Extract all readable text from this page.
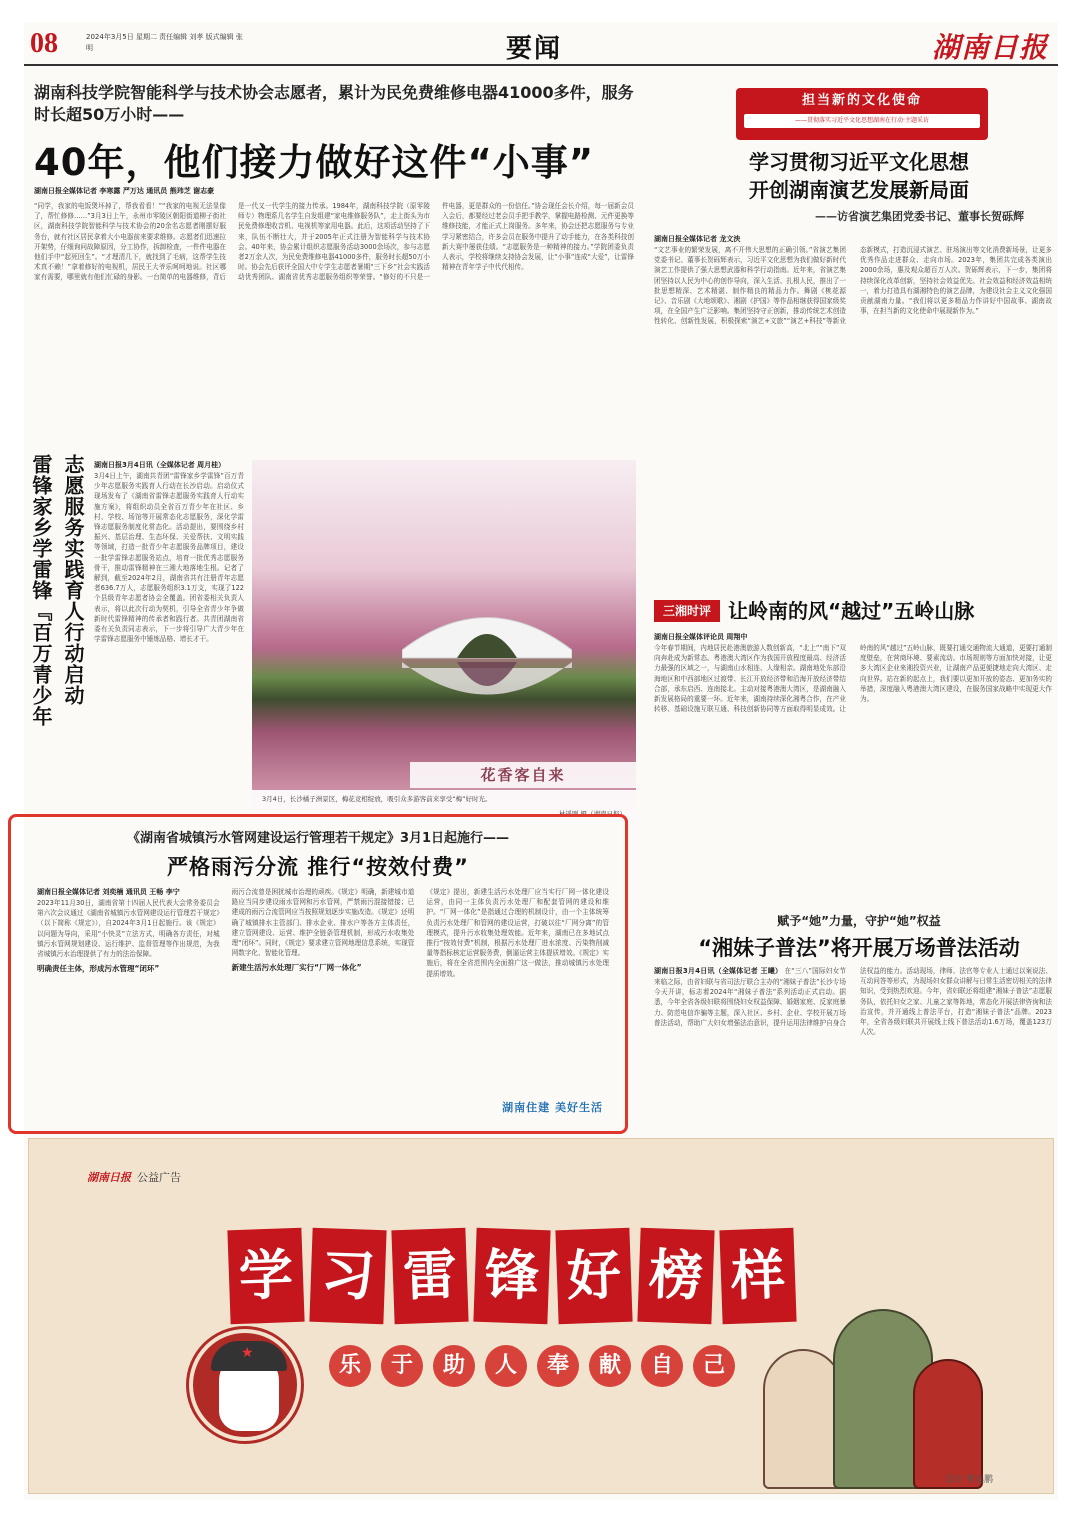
08	2024年3月5日 星期二 责任编辑 刘孝 版式编辑 张明	要闻	湖南日报
湖南科技学院智能科学与技术协会志愿者，累计为民免费维修电器41000多件，服务时长超50万小时——
40年，他们接力做好这件“小事”
湖南日报全媒体记者 李寒露 严万达 通讯员 熊玮芝 谢志豪
“同学，我家的电饭煲坏掉了，帮我看看！”“我家的电视无法显像了，帮忙修修……”3月3日上午，永州市零陵区朝阳街道柳子街社区，湖南科技学院智能科学与技术协会的20余名志愿者刚摆好服务台，就有社区居民拿着大小电器前来要求维修。志愿者们迅速拉开架势，仔细询问故障原因，分工协作，拆卸检查，一件件电器在他们手中“起死回生”。“才理清几下，就找到了毛病，这帮学生技术真不赖！”拿着修好的电视机，居民王大爷乐呵呵地说。社区哪家有需要，哪里就有他们忙碌的身影。一台简单的电器维修，背后是一代又一代学生的接力传承。1984年，湖南科技学院（原零陵师专）物理系几名学生自发组建“家电维修服务队”，走上街头为市民免费修理收音机、电视机等家用电器。此后，这项活动坚持了下来，队伍不断壮大，并于2005年正式注册为智能科学与技术协会。40年来，协会累计组织志愿服务活动3000余场次，参与志愿者2万余人次，为民免费维修电器41000多件，服务时长超50万小时。协会先后获评全国大中专学生志愿者暑期“三下乡”社会实践活动优秀团队、湖南省优秀志愿服务组织等荣誉。“修好的不只是一件电器，更是群众的一份信任。”协会现任会长介绍，每一届新会员入会后，都要经过老会员手把手教学，掌握电路检测、元件更换等维修技能，才能正式上岗服务。多年来，协会还把志愿服务与专业学习紧密结合，许多会员在服务中提升了动手能力，在各类科技创新大赛中屡获佳绩。“志愿服务是一种精神的接力。”学院团委负责人表示，学校将继续支持协会发展，让“小事”连成“大爱”，让雷锋精神在青年学子中代代相传。
志愿服务实践育人行动启动
雷锋家乡学雷锋『百万青少年	湖南日报3月4日讯（全媒体记者 周月桂）
3月4日上午，湖南共青团“雷锋家乡学雷锋”百万青少年志愿服务实践育人行动在长沙启动。启动仪式现场发布了《湖南省雷锋志愿服务实践育人行动实施方案》，将组织动员全省百万青少年在社区、乡村、学校、场馆等开展常态化志愿服务，深化学雷锋志愿服务制度化常态化。活动提出，要围绕乡村振兴、基层治理、生态环保、关爱帮扶、文明实践等领域，打造一批青少年志愿服务品牌项目，建设一批学雷锋志愿服务站点，培育一批优秀志愿服务骨干，推动雷锋精神在三湘大地落地生根。记者了解到，截至2024年2月，湖南省共有注册青年志愿者636.7万人，志愿服务组织3.1万支，实现了122个县级青年志愿者协会全覆盖。团省委相关负责人表示，将以此次行动为契机，引导全省青少年争做新时代雷锋精神的传承者和践行者。共青团湖南省委有关负责同志表示，下一步将引导广大青少年在学雷锋志愿服务中锤炼品格、增长才干。
花香客自来
3月4日，长沙橘子洲景区，梅花竞相绽放，吸引众多游客前来享受“梅”好时光。
林遥刚 摄（湖南日报）
《湖南省城镇污水管网建设运行管理若干规定》3月1日起施行——
严格雨污分流 推行“按效付费”
湖南日报全媒体记者 刘奕楠 通讯员 王畅 李宁
2023年11月30日，湖南省第十四届人民代表大会常务委员会第六次会议通过《湖南省城镇污水管网建设运行管理若干规定》（以下简称《规定》），自2024年3月1日起施行。该《规定》以问题为导向，采用“小快灵”立法方式，明确各方责任，对城镇污水管网规划建设、运行维护、监督管理等作出规范，为我省城镇污水治理提供了有力的法治保障。
明确责任主体，形成污水管理“闭环”
雨污合流曾是困扰城市治理的顽疾。《规定》明确，新建城市道路应当同步建设雨水管网和污水管网，严禁雨污混接错接；已建成的雨污合流管网应当按照规划逐步实施改造。《规定》还明确了城镇排水主管部门、排水企业、排水户等各方主体责任，建立管网建设、运营、维护全链条管理机制，形成污水收集处理“闭环”。同时，《规定》要求建立管网地理信息系统，实现管网数字化、智能化管理。
新建生活污水处理厂实行“厂网一体化”
《规定》提出，新建生活污水处理厂应当实行厂网一体化建设运营，由同一主体负责污水处理厂和配套管网的建设和维护。“厂网一体化”是指通过合理的机制设计，由一个主体统筹负责污水处理厂和管网的建设运营，打破以往“厂网分离”的管理模式，提升污水收集处理效能。近年来，湖南已在多地试点推行“按效付费”机制，根据污水处理厂进水浓度、污染物削减量等指标核定运营服务费，倒逼运营主体提质增效。《规定》实施后，将在全省范围内全面推广这一做法，推动城镇污水处理提质增效。
湖南住建 美好生活
担当新的文化使命
——贯彻落实习近平文化思想湖南在行动·主题采访
学习贯彻习近平文化思想
开创湖南演艺发展新局面
——访省演艺集团党委书记、董事长贺砾辉
湖南日报全媒体记者 龙文泱
“文艺事业的繁荣发展，离不开伟大思想的正确引领。”省演艺集团党委书记、董事长贺砾辉表示，习近平文化思想为我们做好新时代演艺工作提供了强大思想武器和科学行动指南。近年来，省演艺集团坚持以人民为中心的创作导向，深入生活、扎根人民，推出了一批思想精深、艺术精湛、制作精良的精品力作。舞剧《桃花源记》、音乐剧《大地颂歌》、湘剧《护国》等作品相继获得国家级奖项，在全国产生广泛影响。集团坚持守正创新，推动传统艺术创造性转化、创新性发展，积极探索“演艺+文旅”“演艺+科技”等新业态新模式，打造沉浸式演艺、驻场演出等文化消费新场景，让更多优秀作品走进群众、走向市场。2023年，集团共完成各类演出2000余场，惠及观众超百万人次。贺砾辉表示，下一步，集团将持续深化改革创新，坚持社会效益优先、社会效益和经济效益相统一，着力打造具有湖湘特色的演艺品牌，为建设社会主义文化强国贡献湖南力量。“我们将以更多精品力作讲好中国故事、湖南故事，在担当新的文化使命中展现新作为。”
三湘时评 让岭南的风“越过”五岭山脉
湖南日报全媒体评论员 周翔中
今年春节期间，内地居民赴港澳旅游人数创新高，“北上”“南下”双向奔赴成为新常态。粤港澳大湾区作为我国开放程度最高、经济活力最强的区域之一，与湖南山水相连、人缘相亲。湖南地处东部沿海地区和中西部地区过渡带、长江开放经济带和沿海开放经济带结合部，承东启西、连南接北。主动对接粤港澳大湾区，是湖南融入新发展格局的重要一环。近年来，湖南持续深化湘粤合作，在产业转移、基础设施互联互通、科技创新协同等方面取得明显成效。让岭南的风“越过”五岭山脉，既要打通交通物流大通道，更要打通制度壁垒，在营商环境、要素流动、市场规则等方面加快对接，让更多大湾区企业来湘投资兴业，让湖南产品更便捷地走向大湾区、走向世界。站在新的起点上，我们要以更加开放的姿态、更加务实的举措，深度融入粤港澳大湾区建设，在服务国家战略中实现更大作为。
赋予“她”力量，守护“她”权益
“湘妹子普法”将开展万场普法活动
湖南日报3月4日讯（全媒体记者 王曦） 在“三八”国际妇女节来临之际，由省妇联与省司法厅联合主办的“湘妹子普法”长沙专场今天开讲，标志着2024年“湘妹子普法”系列活动正式启动。据悉，今年全省各级妇联将围绕妇女权益保障、婚姻家庭、反家庭暴力、防范电信诈骗等主题，深入社区、乡村、企业、学校开展万场普法活动，帮助广大妇女增强法治意识，提升运用法律维护自身合法权益的能力。活动现场，律师、法官等专业人士通过以案说法、互动问答等形式，为现场妇女群众讲解与日常生活密切相关的法律知识，受到热烈欢迎。今年，省妇联还将组建“湘妹子普法”志愿服务队，依托妇女之家、儿童之家等阵地，常态化开展法律咨询和法治宣传，并开通线上普法平台，打造“湘妹子普法”品牌。2023年，全省各级妇联共开展线上线下普法活动1.6万场，覆盖123万人次。
湖南日报 公益广告
学 习 雷 锋 好 榜 样
★	乐	于	助	人	奉	献	自	己
设计 曹远鹏
